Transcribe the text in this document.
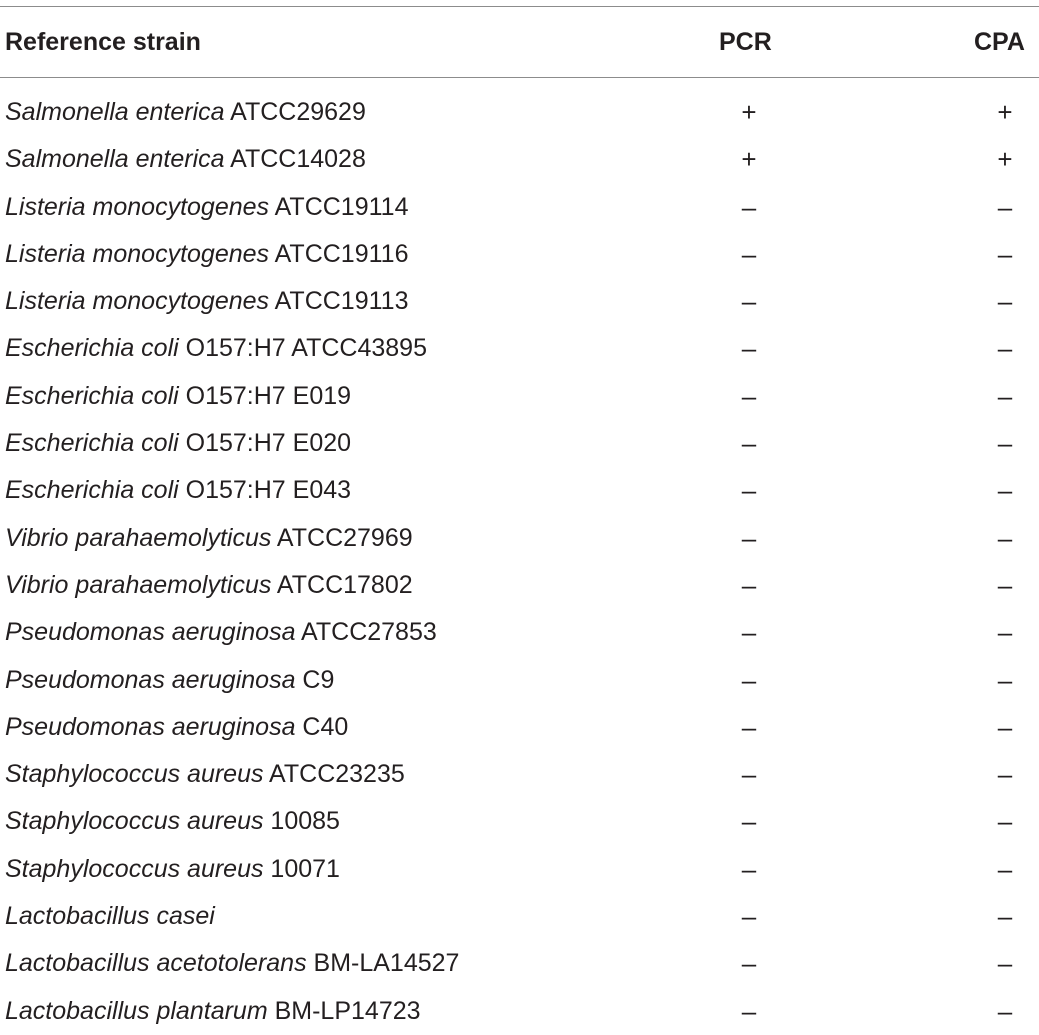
Reference strain	PCR	CPA
Salmonella enterica ATCC29629	+	+
Salmonella enterica ATCC14028	+	+
Listeria monocytogenes ATCC19114	–	–
Listeria monocytogenes ATCC19116	–	–
Listeria monocytogenes ATCC19113	–	–
Escherichia coli O157:H7 ATCC43895	–	–
Escherichia coli O157:H7 E019	–	–
Escherichia coli O157:H7 E020	–	–
Escherichia coli O157:H7 E043	–	–
Vibrio parahaemolyticus ATCC27969	–	–
Vibrio parahaemolyticus ATCC17802	–	–
Pseudomonas aeruginosa ATCC27853	–	–
Pseudomonas aeruginosa C9	–	–
Pseudomonas aeruginosa C40	–	–
Staphylococcus aureus ATCC23235	–	–
Staphylococcus aureus 10085	–	–
Staphylococcus aureus 10071	–	–
Lactobacillus casei	–	–
Lactobacillus acetotolerans BM-LA14527	–	–
Lactobacillus plantarum BM-LP14723	–	–
